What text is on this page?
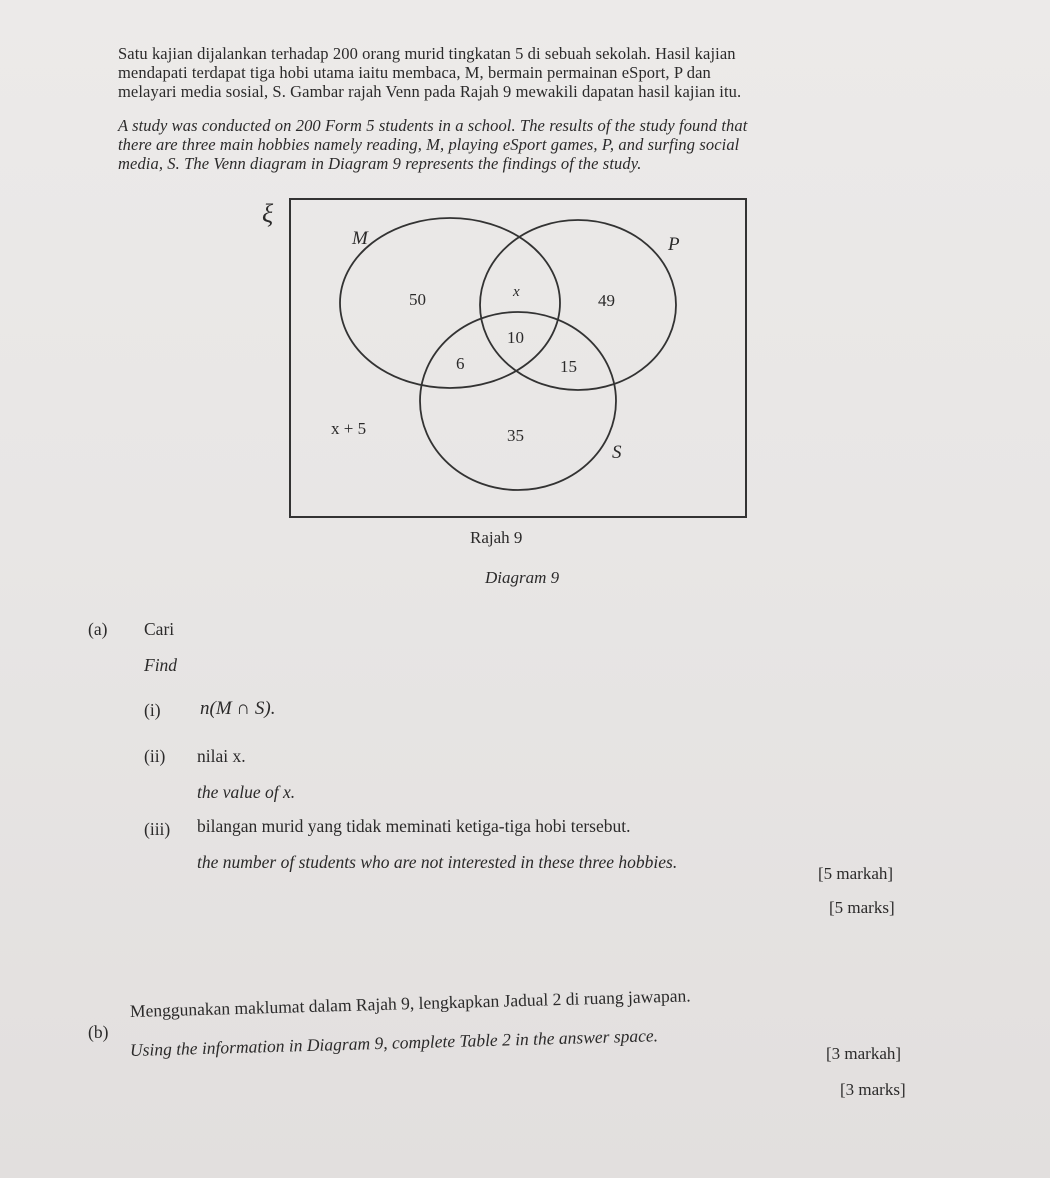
Satu kajian dijalankan terhadap 200 orang murid tingkatan 5 di sebuah sekolah. Hasil kajian
mendapati terdapat tiga hobi utama iaitu membaca, M, bermain permainan eSport, P dan
melayari media sosial, S. Gambar rajah Venn pada Rajah 9 mewakili dapatan hasil kajian itu.
A study was conducted on 200 Form 5 students in a school. The results of the study found that
there are three main hobbies namely reading, M, playing eSport games, P, and surfing social
media, S. The Venn diagram in Diagram 9 represents the findings of the study.
ξ
M	P
S
50	x	49
10
6	15
35
x + 5
Rajah 9
Diagram 9
(a) Cari
Find
(i) n(M ∩ S).
(ii) nilai x.
the value of x.
(iii) bilangan murid yang tidak meminati ketiga-tiga hobi tersebut.
the number of students who are not interested in these three hobbies.
[5 markah]
[5 marks]
(b)
Menggunakan maklumat dalam Rajah 9, lengkapkan Jadual 2 di ruang jawapan.
Using the information in Diagram 9, complete Table 2 in the answer space.	[3 markah]
[3 marks]
